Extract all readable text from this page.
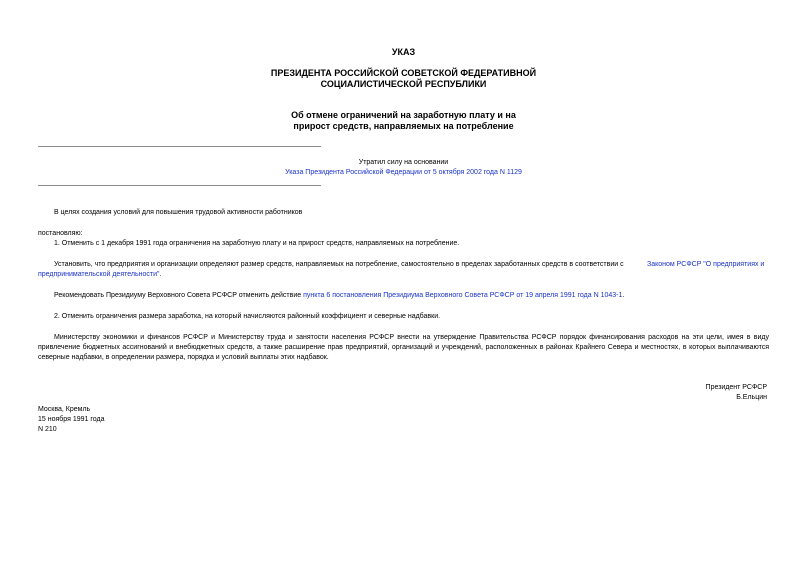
УКАЗ
ПРЕЗИДЕНТА РОССИЙСКОЙ СОВЕТСКОЙ ФЕДЕРАТИВНОЙ
СОЦИАЛИСТИЧЕСКОЙ РЕСПУБЛИКИ
Об отмене ограничений на заработную плату и на
прирост средств, направляемых на потребление
Утратил силу на основании
Указа Президента Российской Федерации от 5 октября 2002 года N 1129
В целях создания условий для повышения трудовой активности работников
постановляю:
1. Отменить с 1 декабря 1991 года ограничения на заработную плату и на прирост средств, направляемых на потребление.
Установить, что предприятия и организации определяют размер средств, направляемых на потребление, самостоятельно в пределах заработанных средств в соответствии с	Законом РСФСР "О предприятиях и
предпринимательской деятельности".
Рекомендовать Президиуму Верховного Совета РСФСР отменить действие пункта 6 постановления Президиума Верховного Совета РСФСР от 19 апреля 1991 года N 1043-1.
2. Отменить ограничения размера заработка, на который начисляются районный коэффициент и северные надбавки.
Министерству экономики и финансов РСФСР и Министерству труда и занятости населения РСФСР внести на утверждение Правительства РСФСР порядок финансирования расходов на эти цели, имея в виду привлечение бюджетных ассигнований и внебюджетных средств, а также расширение прав предприятий, организаций и учреждений, расположенных в районах Крайнего Севера и местностях, в которых выплачиваются северные надбавки, в определении размера, порядка и условий выплаты этих надбавок.
Президент РСФСР
Б.Ельцин
Москва, Кремль
15 ноября 1991 года
N 210
